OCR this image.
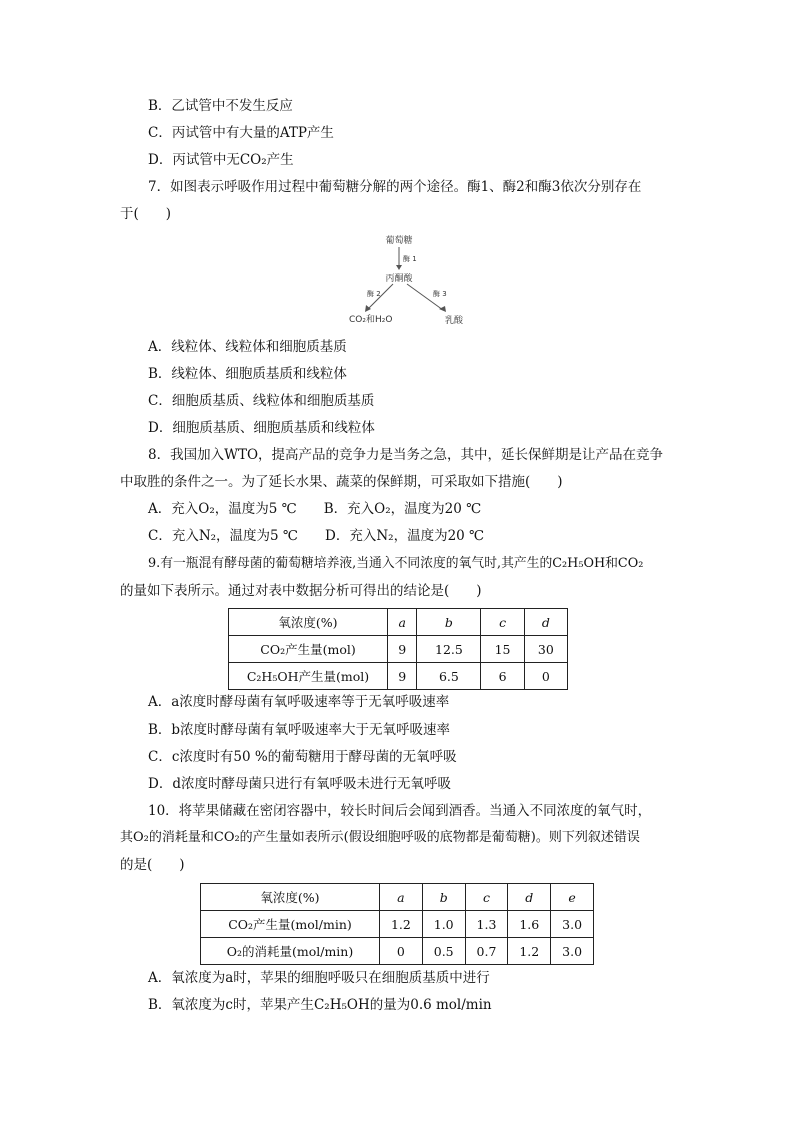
B．乙试管中不发生反应
C．丙试管中有大量的ATP产生
D．丙试管中无CO₂产生
7．如图表示呼吸作用过程中葡萄糖分解的两个途径。酶1、酶2和酶3依次分别存在
于(　　)
葡萄糖
酶 1
丙酮酸
酶 2	酶 3
CO₂和H₂O	乳酸
A．线粒体、线粒体和细胞质基质
B．线粒体、细胞质基质和线粒体
C．细胞质基质、线粒体和细胞质基质
D．细胞质基质、细胞质基质和线粒体
8．我国加入WTO，提高产品的竞争力是当务之急，其中，延长保鲜期是让产品在竞争
中取胜的条件之一。为了延长水果、蔬菜的保鲜期，可采取如下措施(　　)
A．充入O₂，温度为5 ℃　　B．充入O₂，温度为20 ℃
C．充入N₂，温度为5 ℃　　D．充入N₂，温度为20 ℃
9.有一瓶混有酵母菌的葡萄糖培养液,当通入不同浓度的氧气时,其产生的C₂H₅OH和CO₂
的量如下表所示。通过对表中数据分析可得出的结论是(　　)
氧浓度(%)	a	b	c	d
CO₂产生量(mol)	9	12.5	15	30
C₂H₅OH产生量(mol)	9	6.5	6	0
A．a浓度时酵母菌有氧呼吸速率等于无氧呼吸速率
B．b浓度时酵母菌有氧呼吸速率大于无氧呼吸速率
C．c浓度时有50 %的葡萄糖用于酵母菌的无氧呼吸
D．d浓度时酵母菌只进行有氧呼吸未进行无氧呼吸
10．将苹果储藏在密闭容器中，较长时间后会闻到酒香。当通入不同浓度的氧气时，
其O₂的消耗量和CO₂的产生量如表所示(假设细胞呼吸的底物都是葡萄糖)。则下列叙述错误
的是(　　)
氧浓度(%)	a	b	c	d	e
CO₂产生量(mol/min)	1.2	1.0	1.3	1.6	3.0
O₂的消耗量(mol/min)	0	0.5	0.7	1.2	3.0
A．氧浓度为a时，苹果的细胞呼吸只在细胞质基质中进行
B．氧浓度为c时，苹果产生C₂H₅OH的量为0.6 mol/min
